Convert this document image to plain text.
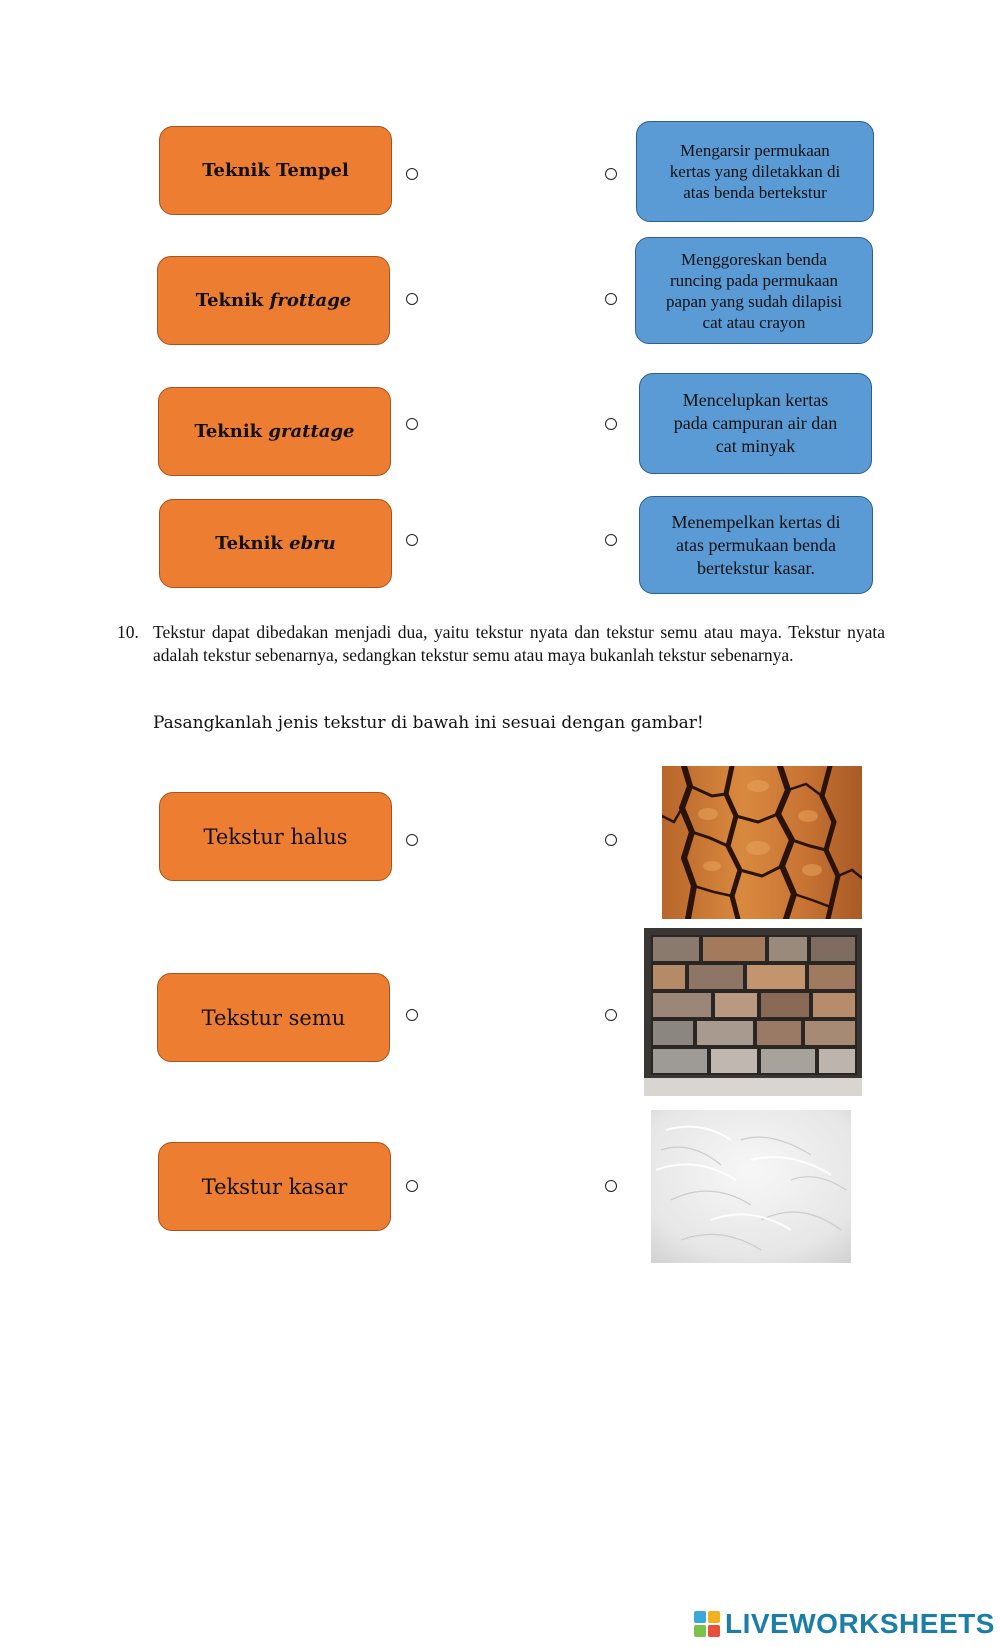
Teknik Tempel
Teknik frottage
Teknik grattage
Teknik ebru
Mengarsir permukaan
kertas yang diletakkan di
atas benda bertekstur
Menggoreskan benda
runcing pada permukaan
papan yang sudah dilapisi
cat atau crayon
Mencelupkan kertas
pada campuran air dan
cat minyak
Menempelkan kertas di
atas permukaan benda
bertekstur kasar.
10. Tekstur dapat dibedakan menjadi dua, yaitu tekstur nyata dan tekstur semu atau maya. Tekstur nyata adalah tekstur sebenarnya, sedangkan tekstur semu atau maya bukanlah tekstur sebenarnya.
Pasangkanlah jenis tekstur di bawah ini sesuai dengan gambar!
Tekstur halus
Tekstur semu
Tekstur kasar
LIVEWORKSHEETS
